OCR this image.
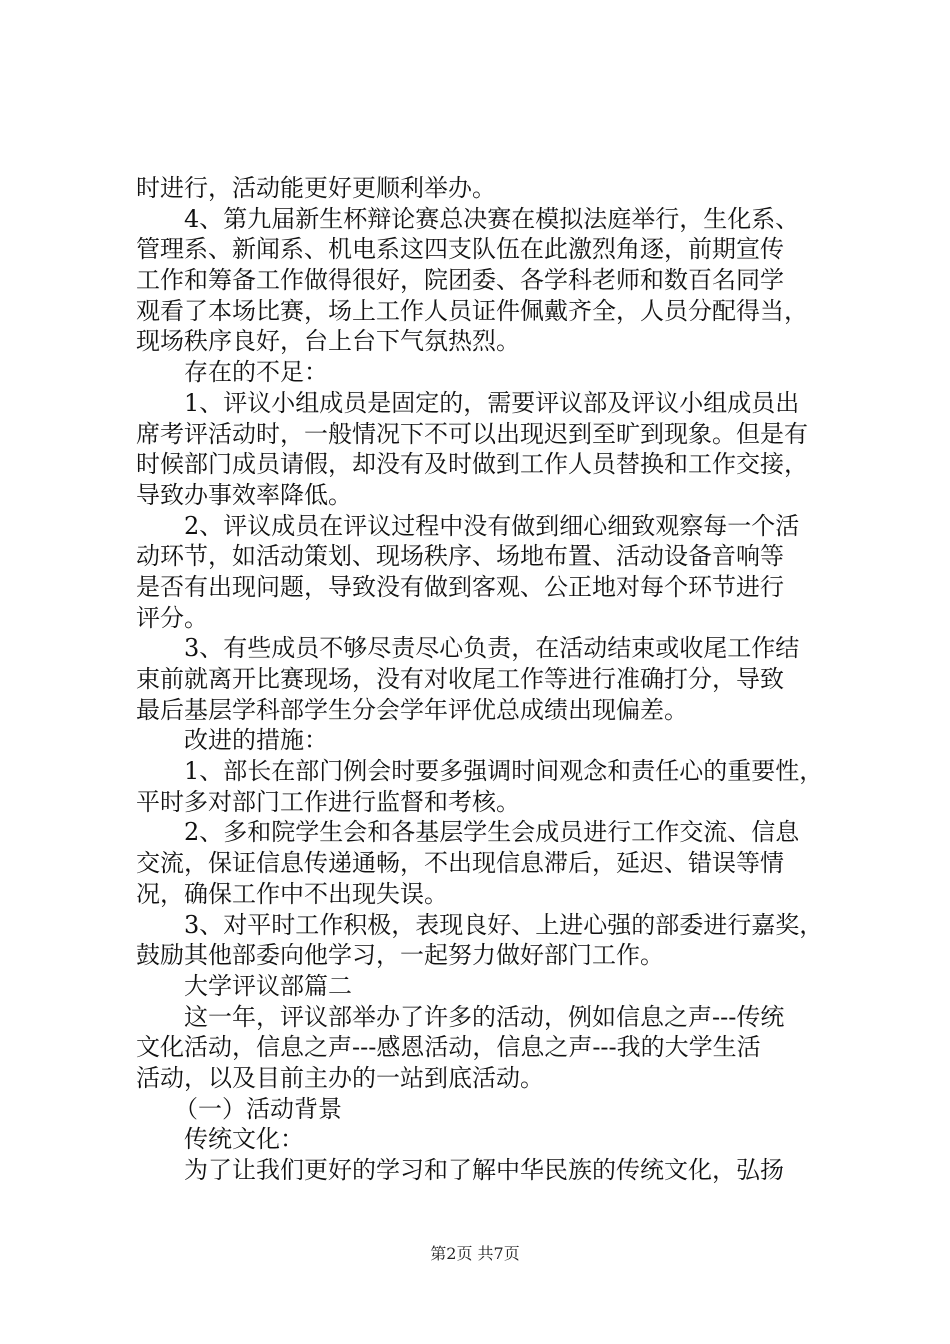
时进行，活动能更好更顺利举办。
4、第九届新生杯辩论赛总决赛在模拟法庭举行，生化系、
管理系、新闻系、机电系这四支队伍在此激烈角逐，前期宣传
工作和筹备工作做得很好，院团委、各学科老师和数百名同学
观看了本场比赛，场上工作人员证件佩戴齐全，人员分配得当，
现场秩序良好，台上台下气氛热烈。
存在的不足：
1、评议小组成员是固定的，需要评议部及评议小组成员出
席考评活动时，一般情况下不可以出现迟到至旷到现象。但是有
时候部门成员请假，却没有及时做到工作人员替换和工作交接，
导致办事效率降低。
2、评议成员在评议过程中没有做到细心细致观察每一个活
动环节，如活动策划、现场秩序、场地布置、活动设备音响等
是否有出现问题，导致没有做到客观、公正地对每个环节进行
评分。
3、有些成员不够尽责尽心负责，在活动结束或收尾工作结
束前就离开比赛现场，没有对收尾工作等进行准确打分，导致
最后基层学科部学生分会学年评优总成绩出现偏差。
改进的措施：
1、部长在部门例会时要多强调时间观念和责任心的重要性，
平时多对部门工作进行监督和考核。
2、多和院学生会和各基层学生会成员进行工作交流、信息
交流，保证信息传递通畅，不出现信息滞后，延迟、错误等情
况，确保工作中不出现失误。
3、对平时工作积极，表现良好、上进心强的部委进行嘉奖，
鼓励其他部委向他学习，一起努力做好部门工作。
大学评议部篇二
这一年，评议部举办了许多的活动，例如信息之声---传统
文化活动，信息之声---感恩活动，信息之声---我的大学生活
活动，以及目前主办的一站到底活动。
（一）活动背景
传统文化：
为了让我们更好的学习和了解中华民族的传统文化，弘扬
第2页 共7页
